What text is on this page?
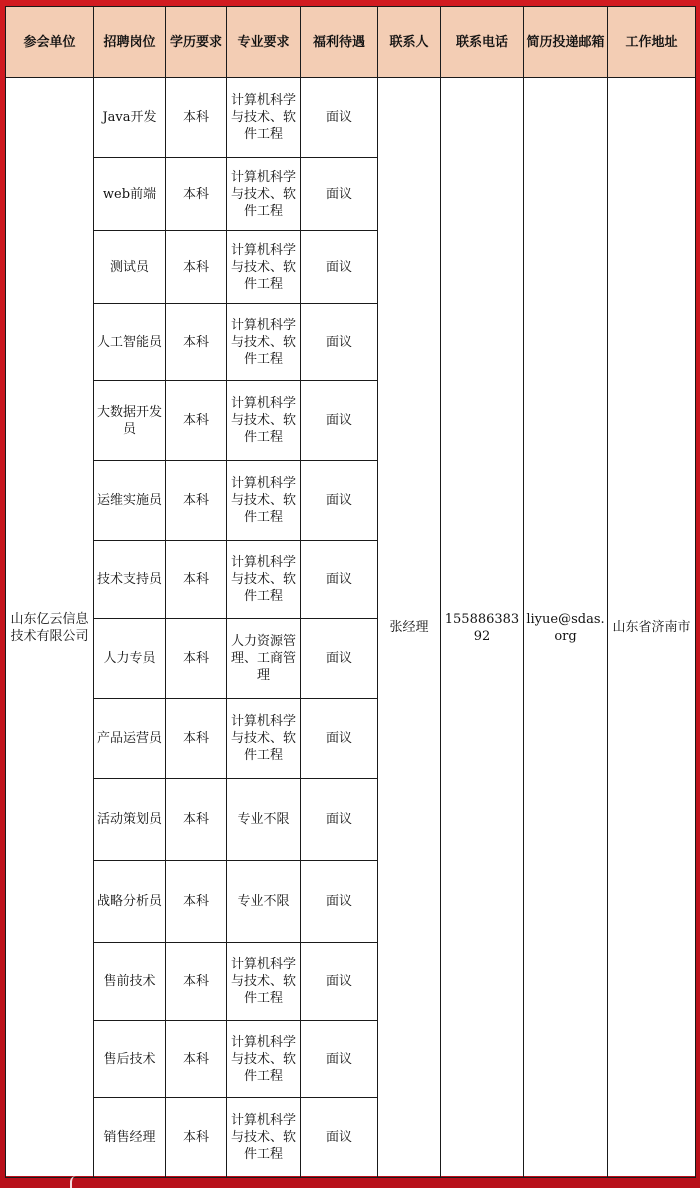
参会单位	招聘岗位	学历要求	专业要求	福利待遇	联系人	联系电话	简历投递邮箱	工作地址
山东亿云信息技术有限公司	Java开发	本科	计算机科学与技术、软件工程	面议	张经理	15588638392	liyue@sdas.org	山东省济南市
	web前端	本科	计算机科学与技术、软件工程	面议				
	测试员	本科	计算机科学与技术、软件工程	面议				
	人工智能员	本科	计算机科学与技术、软件工程	面议				
	大数据开发员	本科	计算机科学与技术、软件工程	面议				
	运维实施员	本科	计算机科学与技术、软件工程	面议				
	技术支持员	本科	计算机科学与技术、软件工程	面议				
	人力专员	本科	人力资源管理、工商管理	面议				
	产品运营员	本科	计算机科学与技术、软件工程	面议				
	活动策划员	本科	专业不限	面议				
	战略分析员	本科	专业不限	面议				
	售前技术	本科	计算机科学与技术、软件工程	面议				
	售后技术	本科	计算机科学与技术、软件工程	面议				
	销售经理	本科	计算机科学与技术、软件工程	面议				
